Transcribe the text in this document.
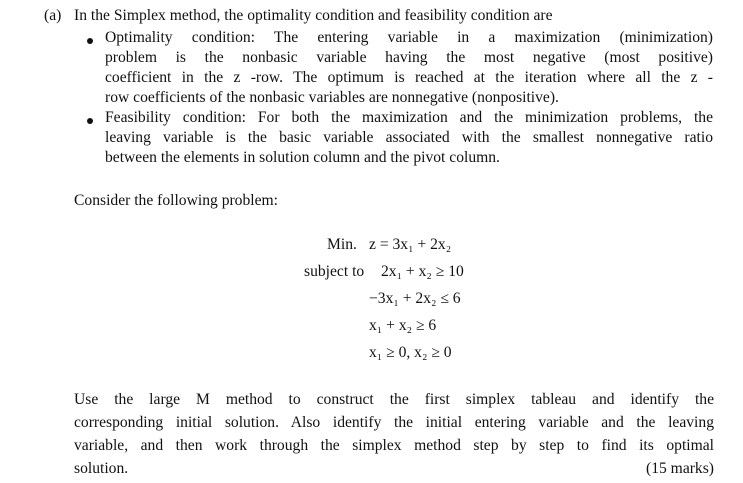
(a) In the Simplex method, the optimality condition and feasibility condition are
Optimality condition: The entering variable in a maximization (minimization)
problem is the nonbasic variable having the most negative (most positive)
coefficient in the z -row. The optimum is reached at the iteration where all the z -
row coefficients of the nonbasic variables are nonnegative (nonpositive).
Feasibility condition: For both the maximization and the minimization problems, the
leaving variable is the basic variable associated with the smallest nonnegative ratio
between the elements in solution column and the pivot column.
Consider the following problem:
Min. z = 3x₁ + 2x₂
subject to 2x₁ + x₂ ≥ 10
−3x₁ + 2x₂ ≤ 6
x₁ + x₂ ≥ 6
x₁ ≥ 0, x₂ ≥ 0
Use the large M method to construct the first simplex tableau and identify the
corresponding initial solution. Also identify the initial entering variable and the leaving
variable, and then work through the simplex method step by step to find its optimal
solution.	(15 marks)
